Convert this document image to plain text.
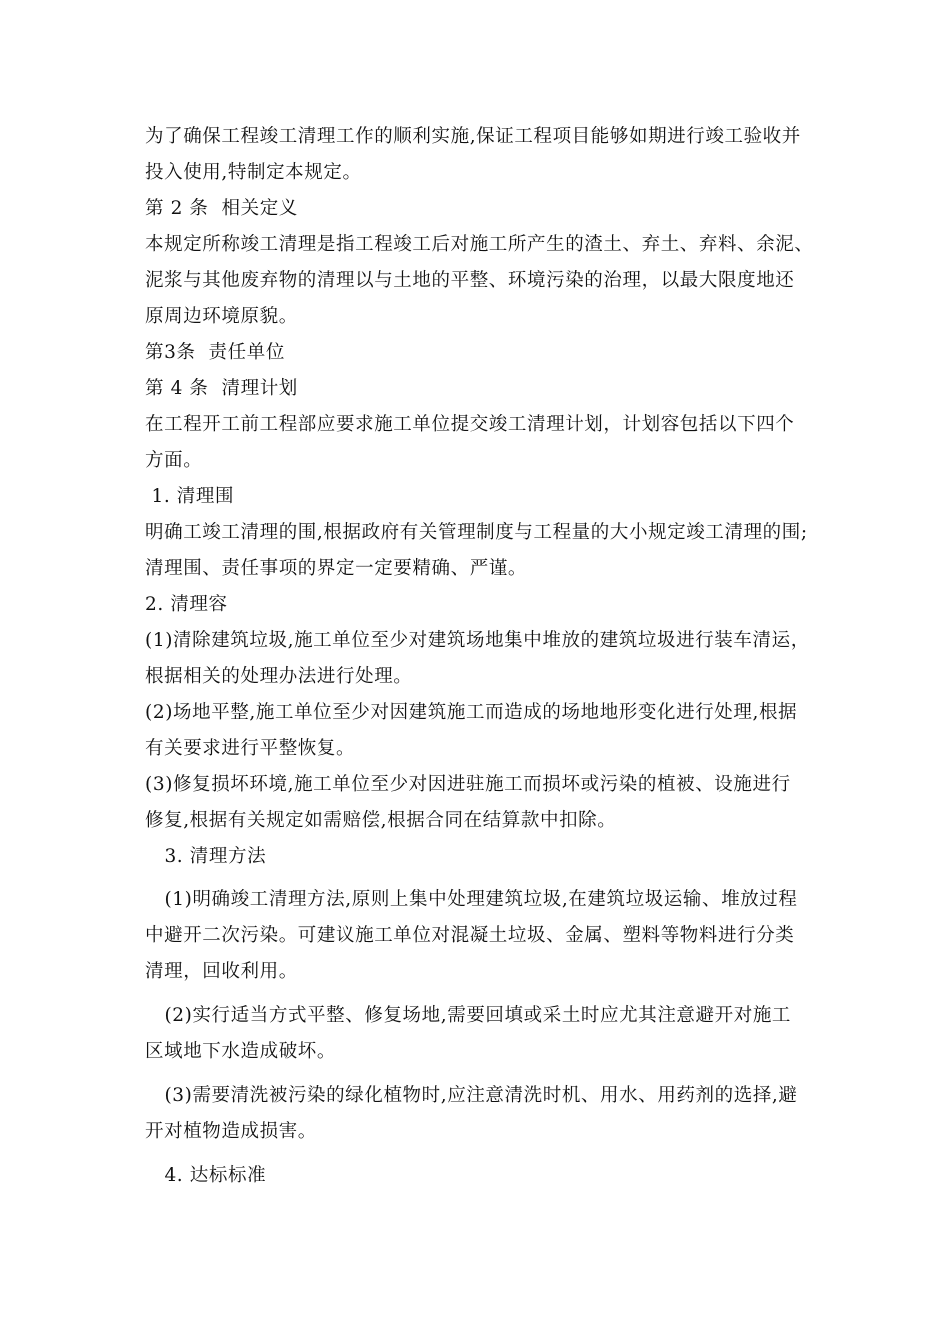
为了确保工程竣工清理工作的顺利实施,保证工程项目能够如期进行竣工验收并
投入使用,特制定本规定。
第 2 条  相关定义
本规定所称竣工清理是指工程竣工后对施工所产生的渣土、弃土、弃料、余泥、
泥浆与其他废弃物的清理以与土地的平整、环境污染的治理，以最大限度地还
原周边环境原貌。
第3条  责任单位
第 4 条  清理计划
在工程开工前工程部应要求施工单位提交竣工清理计划，计划容包括以下四个
方面。
1. 清理围
明确工竣工清理的围,根据政府有关管理制度与工程量的大小规定竣工清理的围;
清理围、责任事项的界定一定要精确、严谨。
2. 清理容
(1)清除建筑垃圾,施工单位至少对建筑场地集中堆放的建筑垃圾进行装车清运，
根据相关的处理办法进行处理。
(2)场地平整,施工单位至少对因建筑施工而造成的场地地形变化进行处理,根据
有关要求进行平整恢复。
(3)修复损坏环境,施工单位至少对因进驻施工而损坏或污染的植被、设施进行
修复,根据有关规定如需赔偿,根据合同在结算款中扣除。
3. 清理方法
(1)明确竣工清理方法,原则上集中处理建筑垃圾,在建筑垃圾运输、堆放过程
中避开二次污染。可建议施工单位对混凝土垃圾、金属、塑料等物料进行分类
清理，回收利用。
(2)实行适当方式平整、修复场地,需要回填或采土时应尤其注意避开对施工
区域地下水造成破坏。
(3)需要清洗被污染的绿化植物时,应注意清洗时机、用水、用药剂的选择,避
开对植物造成损害。
4. 达标标准
